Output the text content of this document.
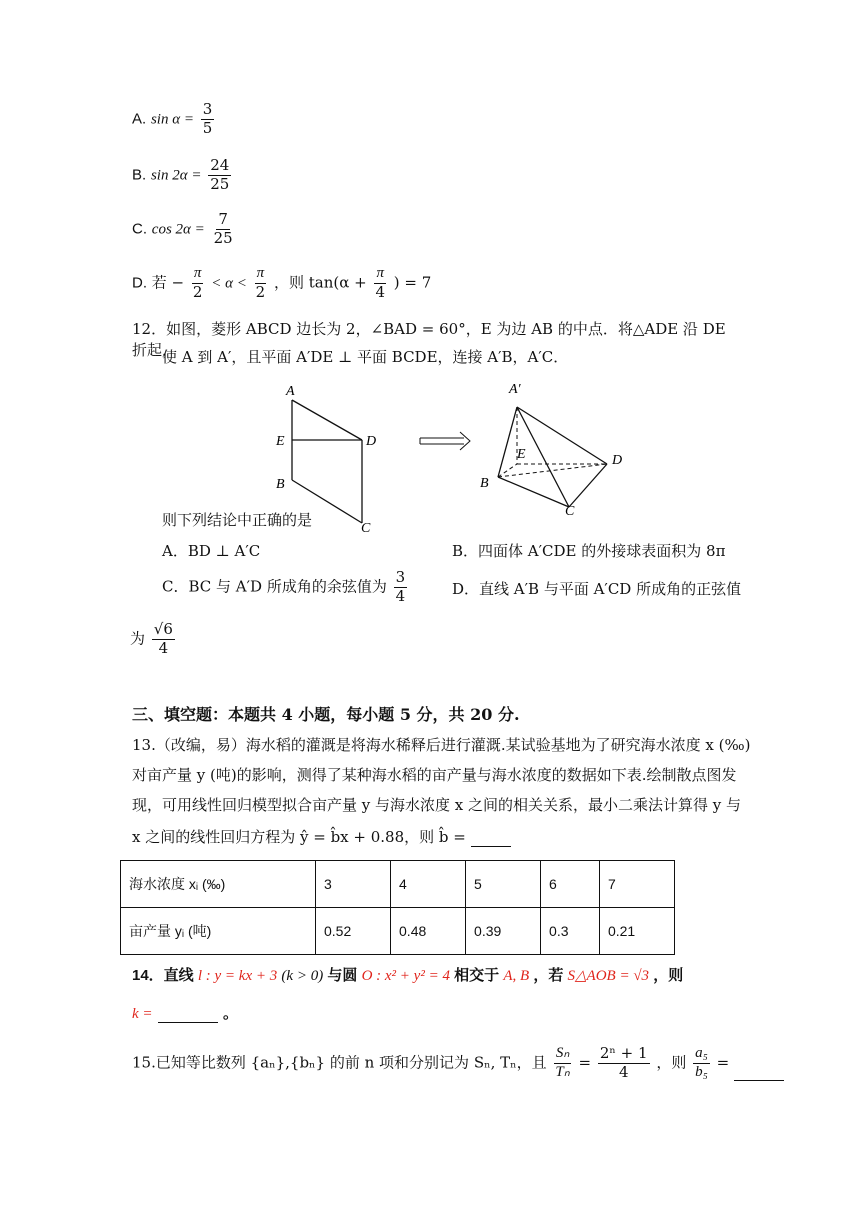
A. $\sin \alpha = \frac{3}{5}$
B. $\sin 2\alpha = \frac{24}{25}$
C. $\cos 2\alpha = \frac{7}{25}$
D. 若 − $\frac{\pi}{2} < \alpha < \frac{\pi}{2}$ ，则 $\tan(\alpha + \frac{\pi}{4}$ ) = 7
12．如图，菱形 ABCD 边长为 2，∠BAD = 60°，E 为边 AB 的中点．将△ADE 沿 DE 折起，
使 A 到 A′，且平面 A′DE ⊥ 平面 BCDE，连接 A′B，A′C．
A
E	D
B
C
A′
E	D
B
C
则下列结论中正确的是
A．BD ⊥ A′C	B．四面体 A′CDE 的外接球表面积为 8π
C．BC 与 A′D 所成角的余弦值为 $\frac{3}{4}$	D．直线 A′B 与平面 A′CD 所成角的正弦值
为 $\frac{√6}{4}$
三、填空题：本题共 4 小题，每小题 5 分，共 20 分.
13.（改编，易）海水稻的灌溉是将海水稀释后进行灌溉.某试验基地为了研究海水浓度 x (‰)
对亩产量 y (吨)的影响，测得了某种海水稻的亩产量与海水浓度的数据如下表.绘制散点图发
现，可用线性回归模型拟合亩产量 y 与海水浓度 x 之间的相关关系，最小二乘法计算得 y 与
x 之间的线性回归方程为 ŷ = b̂x + 0.88，则 b̂ =
海水浓度 xᵢ (‰)	3	4	5	6	7
亩产量 yᵢ (吨)	0.52	0.48	0.39	0.3	0.21
14．直线 l : y = kx + 3 (k > 0) 与圆 O : x² + y² = 4 相交于 A, B ，若 S△AOB = √3 ，则
k =	。
15.已知等比数列 {aₙ},{bₙ} 的前 n 项和分别记为 Sₙ, Tₙ，且 $\frac{\text{Sₙ}}{\text{Tₙ}} = \frac{\text{2ⁿ + 1}}{4}$ ，则 $\frac{\text{a₅}}{\text{b₅}}$ =
